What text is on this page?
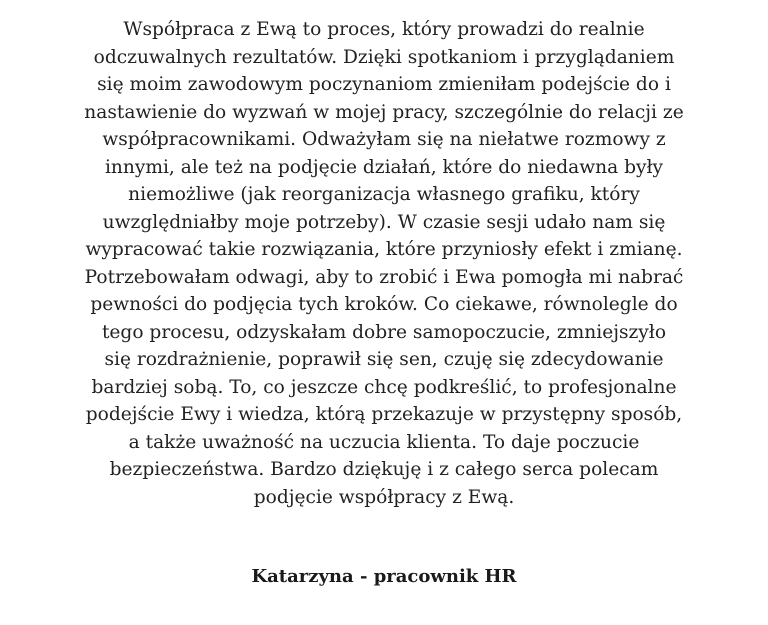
Współpraca z Ewą to proces, który prowadzi do realnie
odczuwalnych rezultatów. Dzięki spotkaniom i przyglądaniem
się moim zawodowym poczynaniom zmieniłam podejście do i
nastawienie do wyzwań w mojej pracy, szczególnie do relacji ze
współpracownikami. Odważyłam się na niełatwe rozmowy z
innymi, ale też na podjęcie działań, które do niedawna były
niemożliwe (jak reorganizacja własnego grafiku, który
uwzględniałby moje potrzeby). W czasie sesji udało nam się
wypracować takie rozwiązania, które przyniosły efekt i zmianę.
Potrzebowałam odwagi, aby to zrobić i Ewa pomogła mi nabrać
pewności do podjęcia tych kroków. Co ciekawe, równolegle do
tego procesu, odzyskałam dobre samopoczucie, zmniejszyło
się rozdrażnienie, poprawił się sen, czuję się zdecydowanie
bardziej sobą. To, co jeszcze chcę podkreślić, to profesjonalne
podejście Ewy i wiedza, którą przekazuje w przystępny sposób,
a także uważność na uczucia klienta. To daje poczucie
bezpieczeństwa. Bardzo dziękuję i z całego serca polecam
podjęcie współpracy z Ewą.

Katarzyna - pracownik HR
